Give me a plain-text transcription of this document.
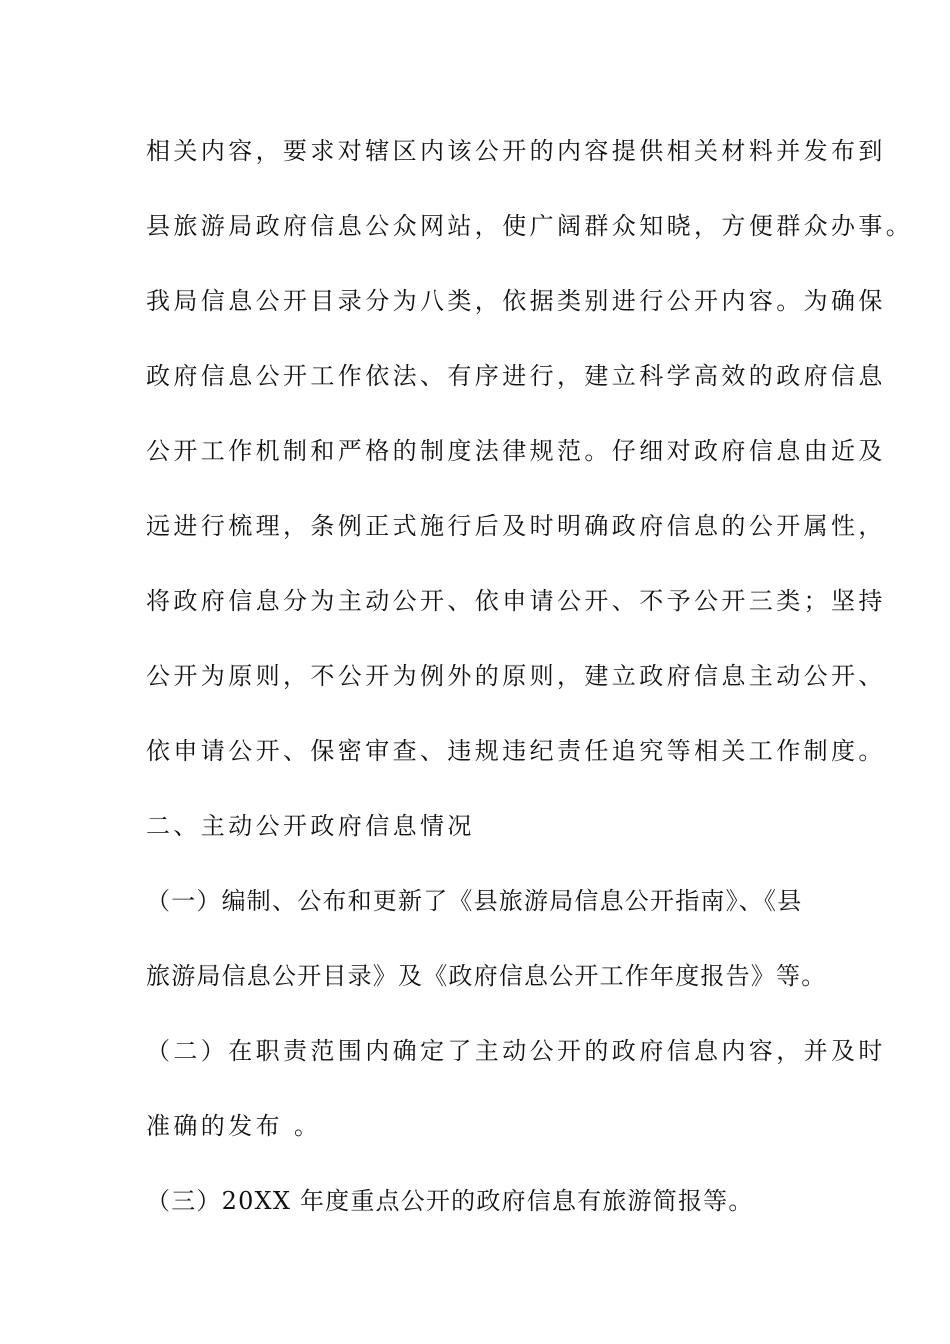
相关内容，要求对辖区内该公开的内容提供相关材料并发布到
县旅游局政府信息公众网站，使广阔群众知晓，方便群众办事。
我局信息公开目录分为八类，依据类别进行公开内容。为确保
政府信息公开工作依法、有序进行，建立科学高效的政府信息
公开工作机制和严格的制度法律规范。仔细对政府信息由近及
远进行梳理，条例正式施行后及时明确政府信息的公开属性，
将政府信息分为主动公开、依申请公开、不予公开三类；坚持
公开为原则，不公开为例外的原则，建立政府信息主动公开、
依申请公开、保密审查、违规违纪责任追究等相关工作制度。
二、主动公开政府信息情况
（一）编制、公布和更新了《县旅游局信息公开指南》、《县
旅游局信息公开目录》及《政府信息公开工作年度报告》等。
（二）在职责范围内确定了主动公开的政府信息内容，并及时
准确的发布 。
（三）20XX 年度重点公开的政府信息有旅游简报等。
